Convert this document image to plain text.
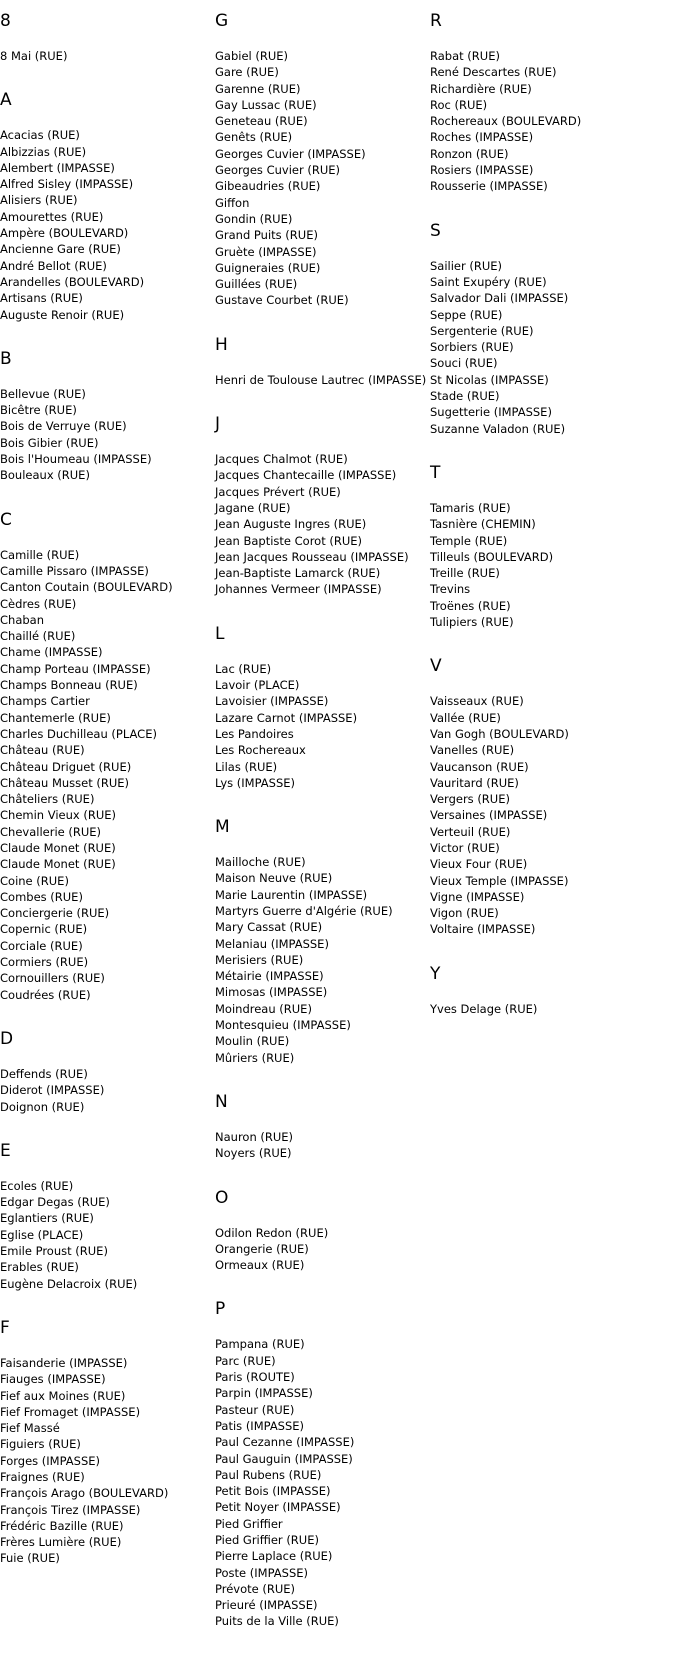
8
8 Mai (RUE)
A
Acacias (RUE)
Albizzias (RUE)
Alembert (IMPASSE)
Alfred Sisley (IMPASSE)
Alisiers (RUE)
Amourettes (RUE)
Ampère (BOULEVARD)
Ancienne Gare (RUE)
André Bellot (RUE)
Arandelles (BOULEVARD)
Artisans (RUE)
Auguste Renoir (RUE)
B
Bellevue (RUE)
Bicêtre (RUE)
Bois de Verruye (RUE)
Bois Gibier (RUE)
Bois l'Houmeau (IMPASSE)
Bouleaux (RUE)
C
Camille (RUE)
Camille Pissaro (IMPASSE)
Canton Coutain (BOULEVARD)
Cèdres (RUE)
Chaban
Chaillé (RUE)
Chame (IMPASSE)
Champ Porteau (IMPASSE)
Champs Bonneau (RUE)
Champs Cartier
Chantemerle (RUE)
Charles Duchilleau (PLACE)
Château (RUE)
Château Driguet (RUE)
Château Musset (RUE)
Châteliers (RUE)
Chemin Vieux (RUE)
Chevallerie (RUE)
Claude Monet (RUE)
Claude Monet (RUE)
Coine (RUE)
Combes (RUE)
Conciergerie (RUE)
Copernic (RUE)
Corciale (RUE)
Cormiers (RUE)
Cornouillers (RUE)
Coudrées (RUE)
D
Deffends (RUE)
Diderot (IMPASSE)
Doignon (RUE)
E
Ecoles (RUE)
Edgar Degas (RUE)
Eglantiers (RUE)
Eglise (PLACE)
Emile Proust (RUE)
Erables (RUE)
Eugène Delacroix (RUE)
F
Faisanderie (IMPASSE)
Fiauges (IMPASSE)
Fief aux Moines (RUE)
Fief Fromaget (IMPASSE)
Fief Massé
Figuiers (RUE)
Forges (IMPASSE)
Fraignes (RUE)
François Arago (BOULEVARD)
François Tirez (IMPASSE)
Frédéric Bazille (RUE)
Frères Lumière (RUE)
Fuie (RUE)
G
Gabiel (RUE)
Gare (RUE)
Garenne (RUE)
Gay Lussac (RUE)
Geneteau (RUE)
Genêts (RUE)
Georges Cuvier (IMPASSE)
Georges Cuvier (RUE)
Gibeaudries (RUE)
Giffon
Gondin (RUE)
Grand Puits (RUE)
Gruète (IMPASSE)
Guigneraies (RUE)
Guillées (RUE)
Gustave Courbet (RUE)
H
Henri de Toulouse Lautrec (IMPASSE)
J
Jacques Chalmot (RUE)
Jacques Chantecaille (IMPASSE)
Jacques Prévert (RUE)
Jagane (RUE)
Jean Auguste Ingres (RUE)
Jean Baptiste Corot (RUE)
Jean Jacques Rousseau (IMPASSE)
Jean-Baptiste Lamarck (RUE)
Johannes Vermeer (IMPASSE)
L
Lac (RUE)
Lavoir (PLACE)
Lavoisier (IMPASSE)
Lazare Carnot (IMPASSE)
Les Pandoires
Les Rochereaux
Lilas (RUE)
Lys (IMPASSE)
M
Mailloche (RUE)
Maison Neuve (RUE)
Marie Laurentin (IMPASSE)
Martyrs Guerre d'Algérie (RUE)
Mary Cassat (RUE)
Melaniau (IMPASSE)
Merisiers (RUE)
Métairie (IMPASSE)
Mimosas (IMPASSE)
Moindreau (RUE)
Montesquieu (IMPASSE)
Moulin (RUE)
Mûriers (RUE)
N
Nauron (RUE)
Noyers (RUE)
O
Odilon Redon (RUE)
Orangerie (RUE)
Ormeaux (RUE)
P
Pampana (RUE)
Parc (RUE)
Paris (ROUTE)
Parpin (IMPASSE)
Pasteur (RUE)
Patis (IMPASSE)
Paul Cezanne (IMPASSE)
Paul Gauguin (IMPASSE)
Paul Rubens (RUE)
Petit Bois (IMPASSE)
Petit Noyer (IMPASSE)
Pied Griffier
Pied Griffier (RUE)
Pierre Laplace (RUE)
Poste (IMPASSE)
Prévote (RUE)
Prieuré (IMPASSE)
Puits de la Ville (RUE)
R
Rabat (RUE)
René Descartes (RUE)
Richardière (RUE)
Roc (RUE)
Rochereaux (BOULEVARD)
Roches (IMPASSE)
Ronzon (RUE)
Rosiers (IMPASSE)
Rousserie (IMPASSE)
S
Sailier (RUE)
Saint Exupéry (RUE)
Salvador Dali (IMPASSE)
Seppe (RUE)
Sergenterie (RUE)
Sorbiers (RUE)
Souci (RUE)
St Nicolas (IMPASSE)
Stade (RUE)
Sugetterie (IMPASSE)
Suzanne Valadon (RUE)
T
Tamaris (RUE)
Tasnière (CHEMIN)
Temple (RUE)
Tilleuls (BOULEVARD)
Treille (RUE)
Trevins
Troënes (RUE)
Tulipiers (RUE)
V
Vaisseaux (RUE)
Vallée (RUE)
Van Gogh (BOULEVARD)
Vanelles (RUE)
Vaucanson (RUE)
Vauritard (RUE)
Vergers (RUE)
Versaines (IMPASSE)
Verteuil (RUE)
Victor (RUE)
Vieux Four (RUE)
Vieux Temple (IMPASSE)
Vigne (IMPASSE)
Vigon (RUE)
Voltaire (IMPASSE)
Y
Yves Delage (RUE)
